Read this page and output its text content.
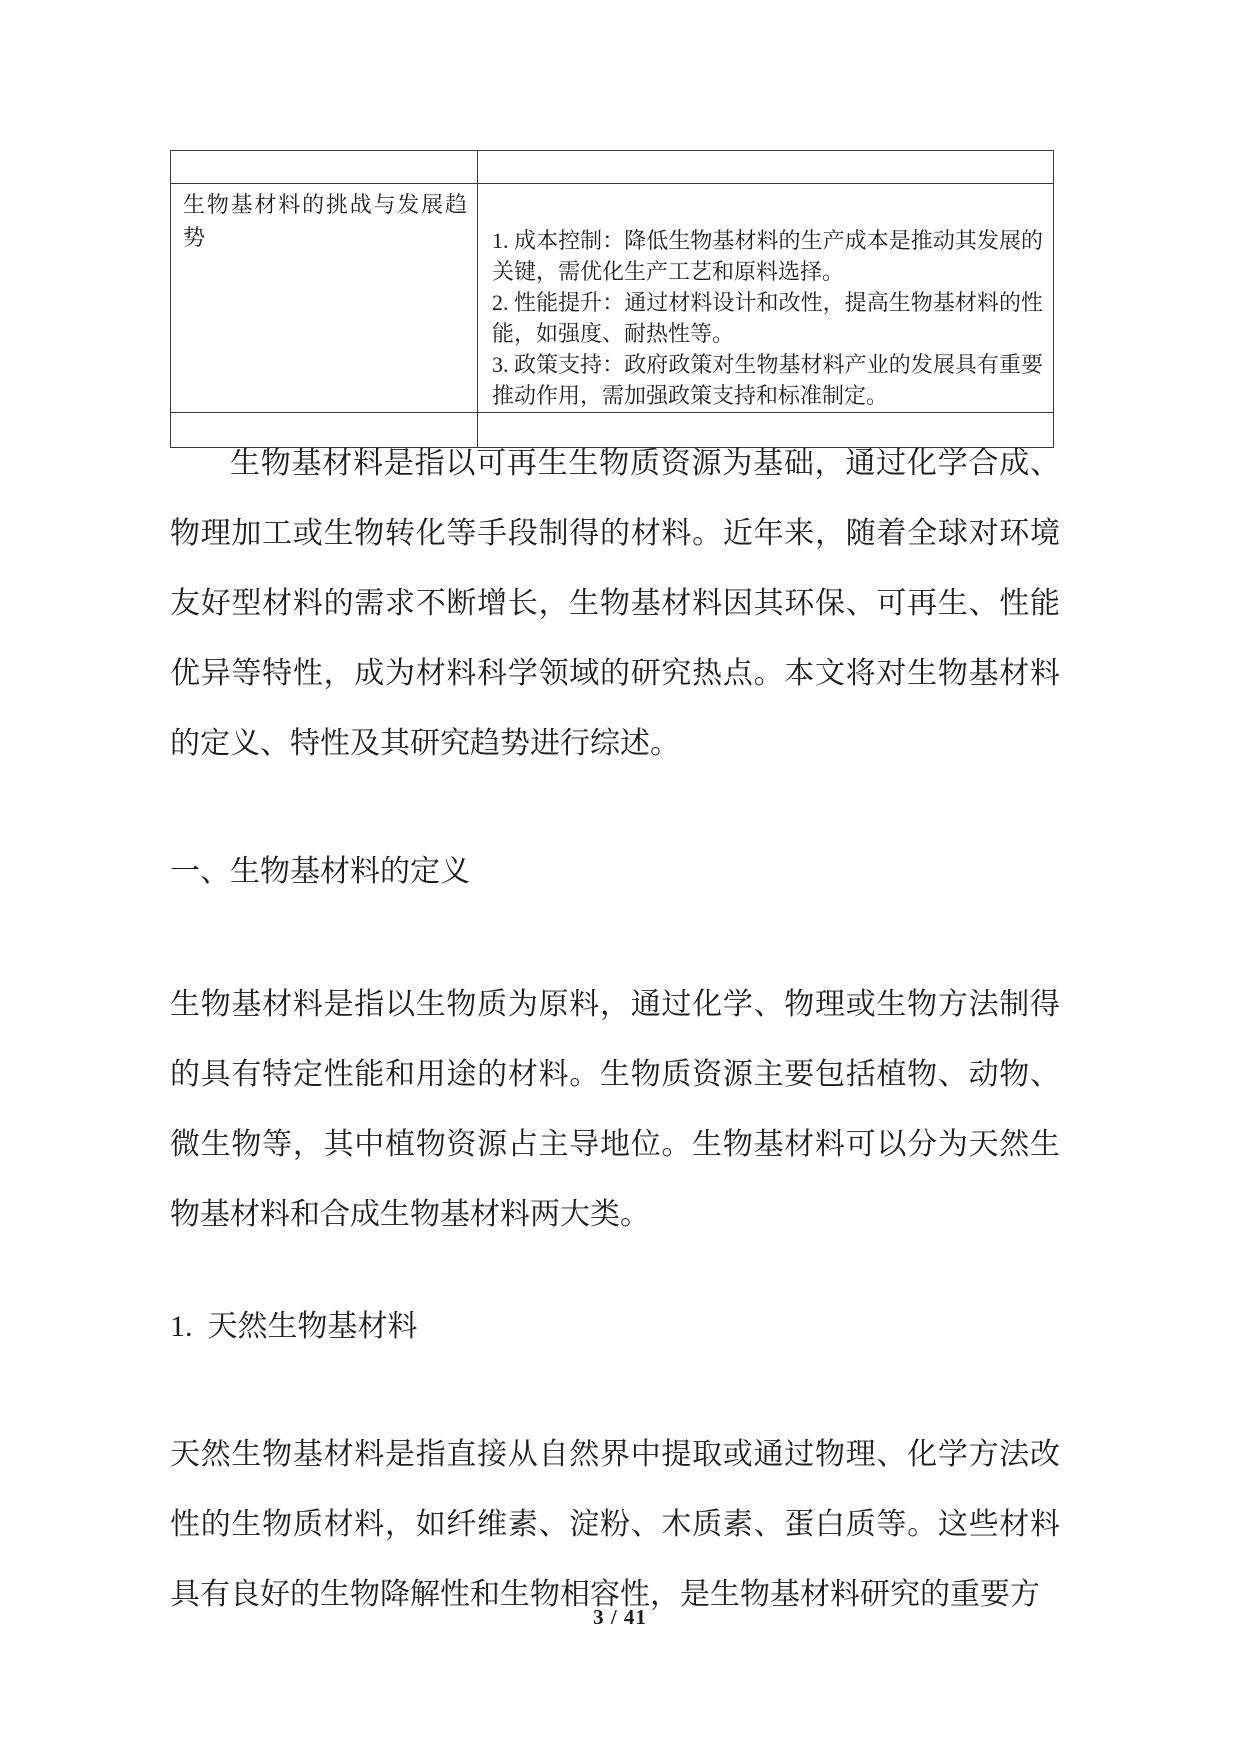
生物基材料的挑战与发展趋势	1. 成本控制：降低生物基材料的生产成本是推动其发展的关键，需优化生产工艺和原料选择。
2. 性能提升：通过材料设计和改性，提高生物基材料的性能，如强度、耐热性等。
3. 政策支持：政府政策对生物基材料产业的发展具有重要推动作用，需加强政策支持和标准制定。

生物基材料是指以可再生生物质资源为基础，通过化学合成、物理加工或生物转化等手段制得的材料。近年来，随着全球对环境友好型材料的需求不断增长，生物基材料因其环保、可再生、性能优异等特性，成为材料科学领域的研究热点。本文将对生物基材料的定义、特性及其研究趋势进行综述。

一、生物基材料的定义

生物基材料是指以生物质为原料，通过化学、物理或生物方法制得的具有特定性能和用途的材料。生物质资源主要包括植物、动物、微生物等，其中植物资源占主导地位。生物基材料可以分为天然生物基材料和合成生物基材料两大类。

1.  天然生物基材料

天然生物基材料是指直接从自然界中提取或通过物理、化学方法改性的生物质材料，如纤维素、淀粉、木质素、蛋白质等。这些材料具有良好的生物降解性和生物相容性，是生物基材料研究的重要方

3 / 41
